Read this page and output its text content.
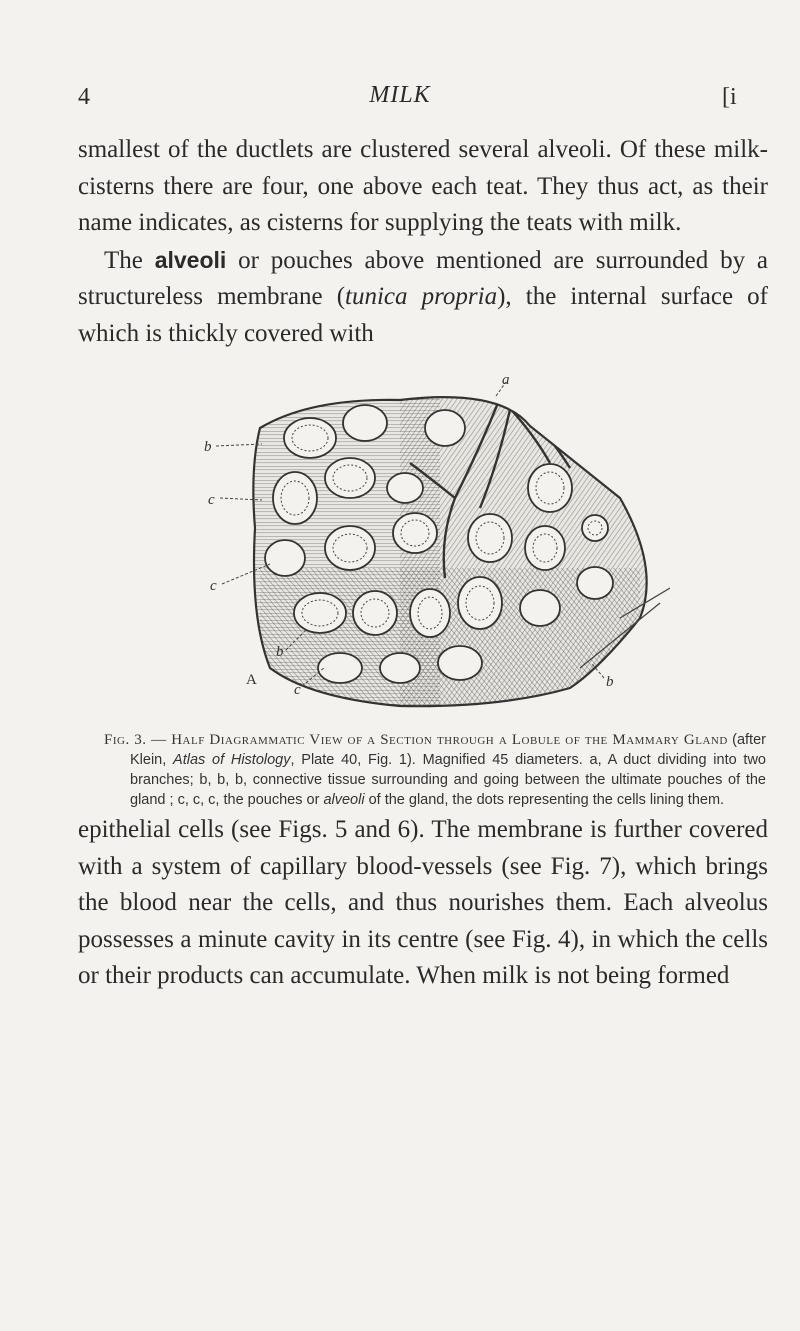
4	MILK	[i

smallest of the ductlets are clustered several alveoli. Of these milk-cisterns there are four, one above each teat. They thus act, as their name indicates, as cisterns for supplying the teats with milk.

The alveoli or pouches above mentioned are surrounded by a structureless membrane (tunica propria), the internal surface of which is thickly covered with

a
b
c
c
A
b
c	b
Fig. 3. — Half Diagrammatic View of a Section through a Lobule of the Mammary Gland (after Klein, Atlas of Histology, Plate 40, Fig. 1). Magnified 45 diameters. a, A duct dividing into two branches; b, b, b, connective tissue surrounding and going between the ultimate pouches of the gland ; c, c, c, the pouches or alveoli of the gland, the dots representing the cells lining them.

epithelial cells (see Figs. 5 and 6). The membrane is further covered with a system of capillary blood-vessels (see Fig. 7), which brings the blood near the cells, and thus nourishes them. Each alveolus possesses a minute cavity in its centre (see Fig. 4), in which the cells or their products can accumulate. When milk is not being formed
